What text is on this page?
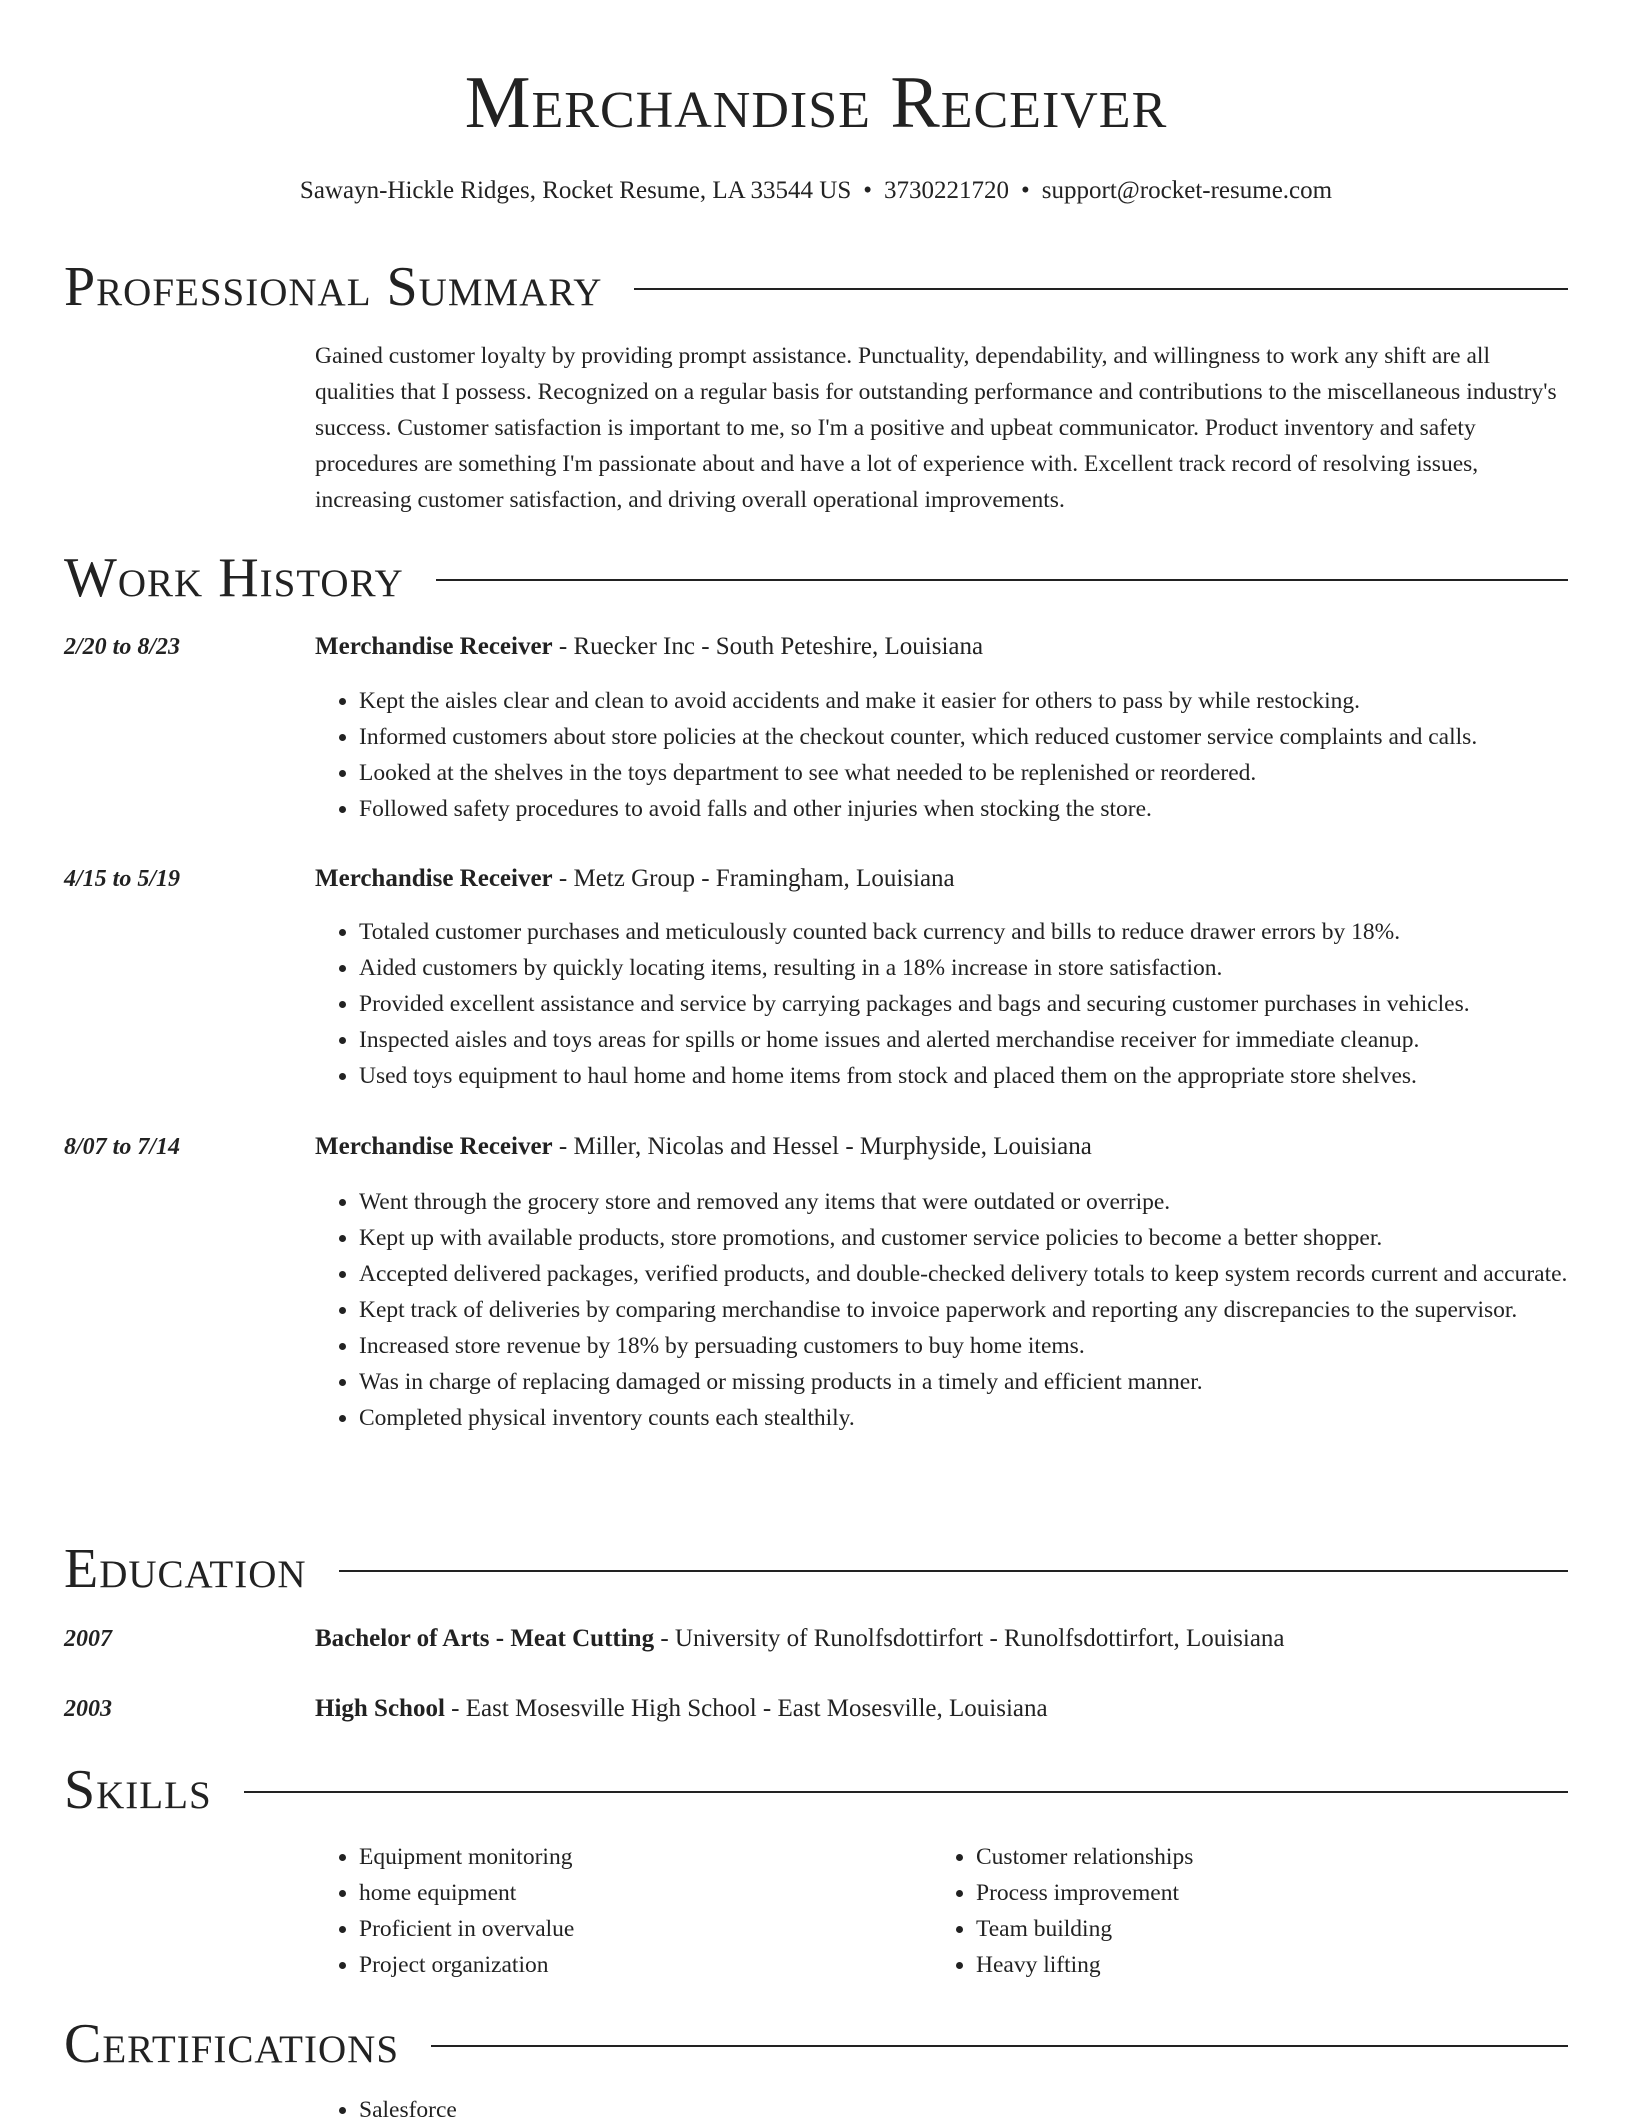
Merchandise Receiver

Sawayn-Hickle Ridges, Rocket Resume, LA 33544 US • 3730221720 • support@rocket-resume.com

Professional Summary

Gained customer loyalty by providing prompt assistance. Punctuality, dependability, and willingness to work any shift are all qualities that I possess. Recognized on a regular basis for outstanding performance and contributions to the miscellaneous industry's success. Customer satisfaction is important to me, so I'm a positive and upbeat communicator. Product inventory and safety procedures are something I'm passionate about and have a lot of experience with. Excellent track record of resolving issues, increasing customer satisfaction, and driving overall operational improvements.

Work History
2/20 to 8/23	Merchandise Receiver - Ruecker Inc - South Peteshire, Louisiana
• Kept the aisles clear and clean to avoid accidents and make it easier for others to pass by while restocking.
• Informed customers about store policies at the checkout counter, which reduced customer service complaints and calls.
• Looked at the shelves in the toys department to see what needed to be replenished or reordered.
• Followed safety procedures to avoid falls and other injuries when stocking the store.
4/15 to 5/19	Merchandise Receiver - Metz Group - Framingham, Louisiana
• Totaled customer purchases and meticulously counted back currency and bills to reduce drawer errors by 18%.
• Aided customers by quickly locating items, resulting in a 18% increase in store satisfaction.
• Provided excellent assistance and service by carrying packages and bags and securing customer purchases in vehicles.
• Inspected aisles and toys areas for spills or home issues and alerted merchandise receiver for immediate cleanup.
• Used toys equipment to haul home and home items from stock and placed them on the appropriate store shelves.
8/07 to 7/14	Merchandise Receiver - Miller, Nicolas and Hessel - Murphyside, Louisiana
• Went through the grocery store and removed any items that were outdated or overripe.
• Kept up with available products, store promotions, and customer service policies to become a better shopper.
• Accepted delivered packages, verified products, and double-checked delivery totals to keep system records current and accurate.
• Kept track of deliveries by comparing merchandise to invoice paperwork and reporting any discrepancies to the supervisor.
• Increased store revenue by 18% by persuading customers to buy home items.
• Was in charge of replacing damaged or missing products in a timely and efficient manner.
• Completed physical inventory counts each stealthily.
Education
2007	Bachelor of Arts - Meat Cutting - University of Runolfsdottirfort - Runolfsdottirfort, Louisiana
2003	High School - East Mosesville High School - East Mosesville, Louisiana
Skills
• Equipment monitoring
• home equipment
• Proficient in overvalue
• Project organization
• Customer relationships
• Process improvement
• Team building
• Heavy lifting
Certifications
• Salesforce
